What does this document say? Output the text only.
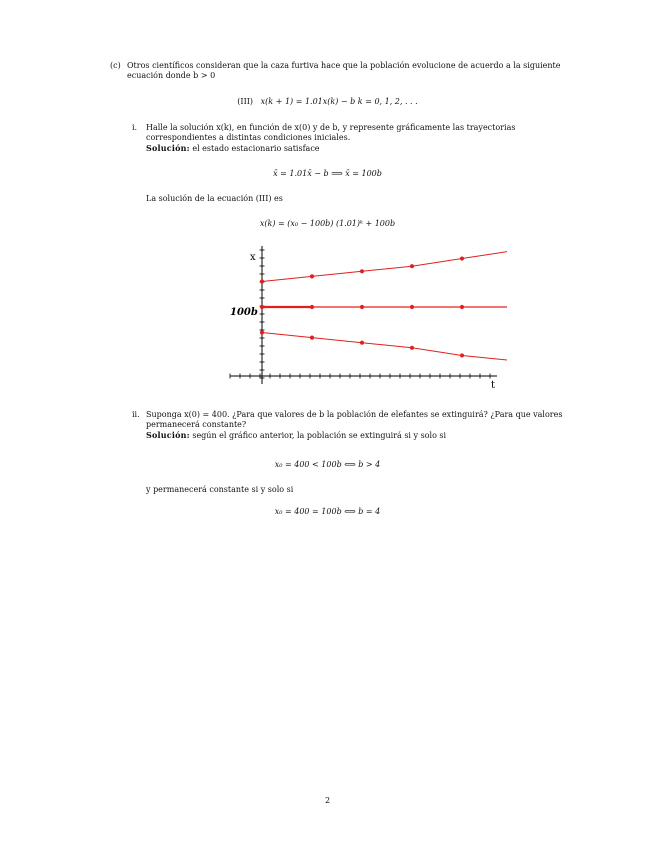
(c) Otros científicos consideran que la caza furtiva hace que la población evolucione de acuerdo a la siguiente ecuación donde b > 0
(III) x(k + 1) = 1.01x(k) − b k = 0, 1, 2, . . .
i. Halle la solución x(k), en función de x(0) y de b, y represente gráficamente las trayectorias correspondientes a distintas condiciones iniciales.
Solución: el estado estacionario satisface
x̄ = 1.01x̄ − b ⟹ x̄ = 100b
La solución de la ecuación (III) es
x(k) = (x₀ − 100b) (1.01)ᵏ + 100b
x
t
100b
ii. Suponga x(0) = 400. ¿Para que valores de b la población de elefantes se extinguirá? ¿Para que valores permanecerá constante?
Solución: según el gráfico anterior, la población se extinguirá si y solo si
x₀ = 400 < 100b ⟺ b > 4
y permanecerá constante si y solo si
x₀ = 400 = 100b ⟺ b = 4
2
